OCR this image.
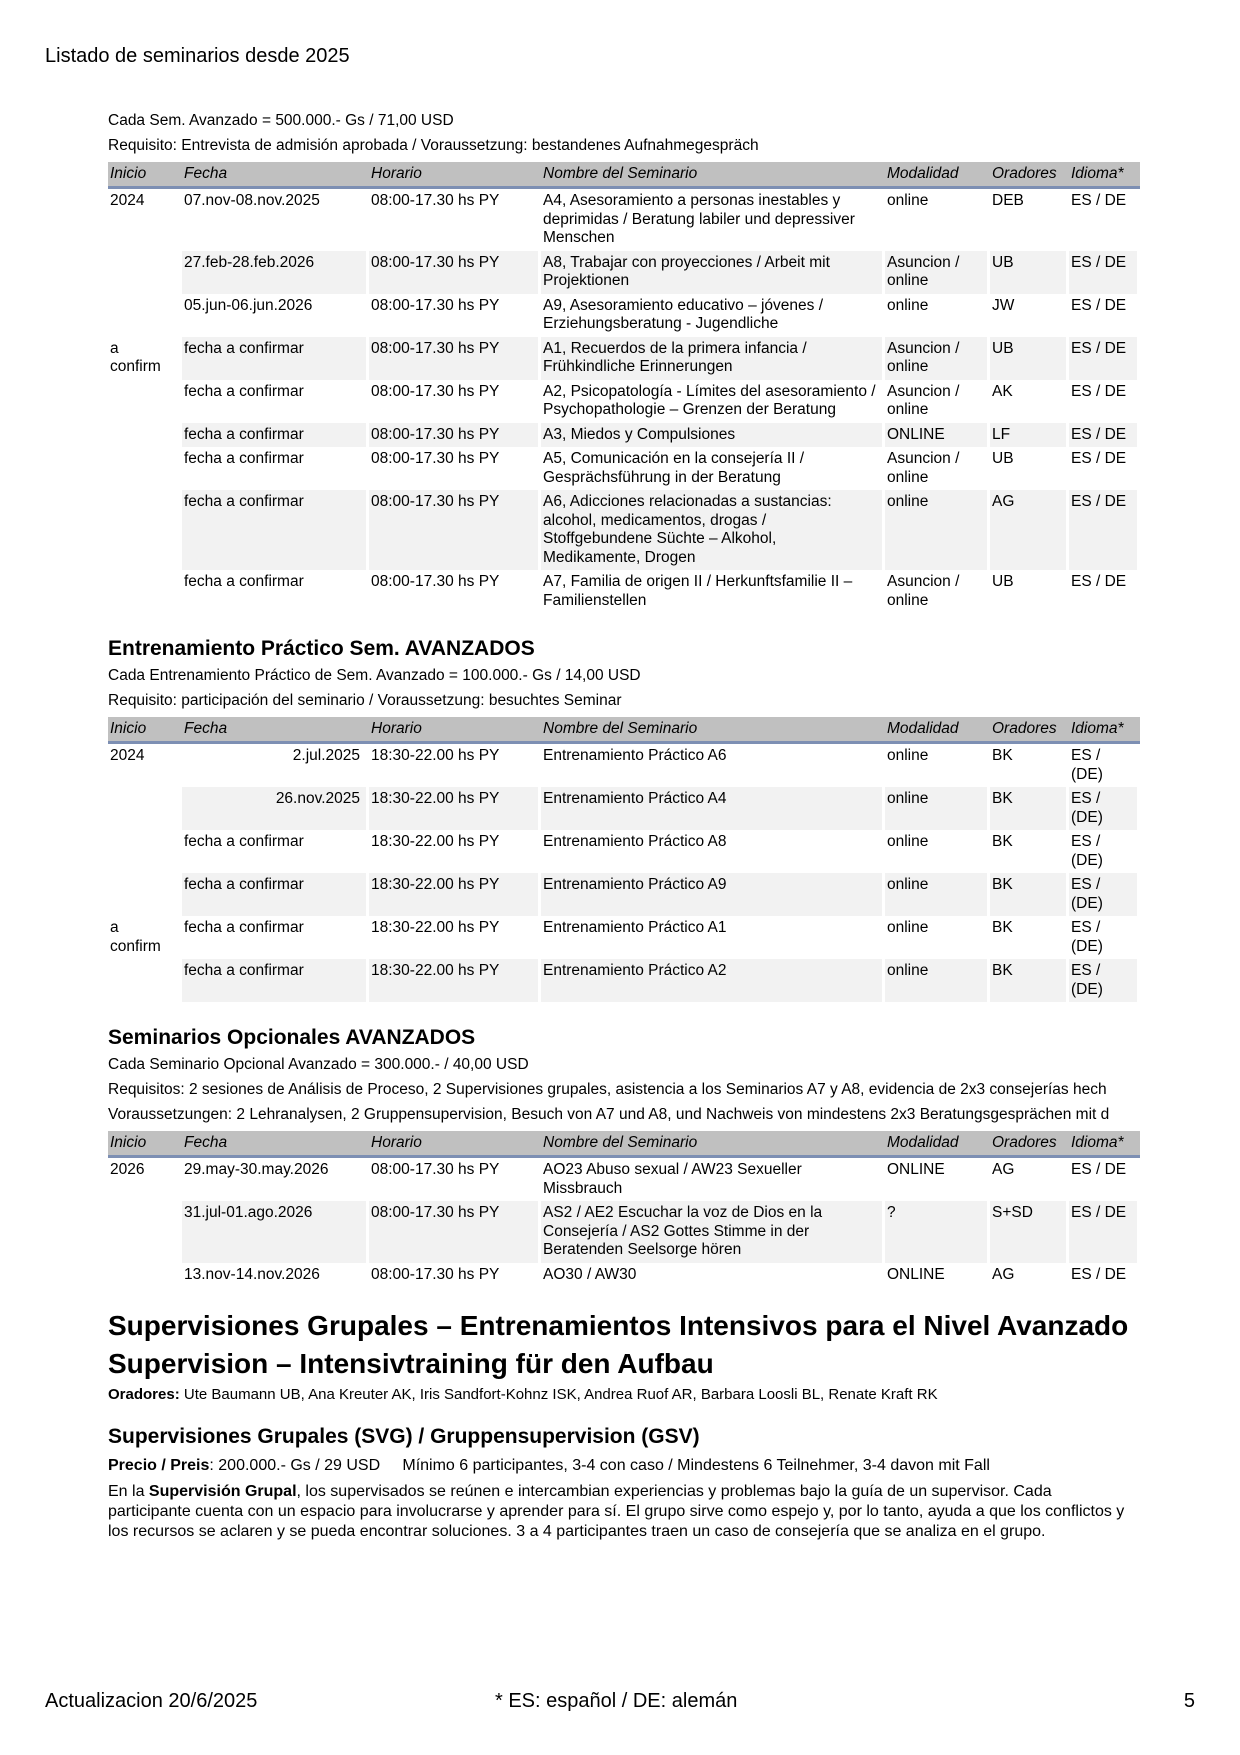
Listado de seminarios desde 2025
Cada Sem. Avanzado = 500.000.- Gs / 71,00 USD
Requisito: Entrevista de admisión aprobada / Voraussetzung: bestandenes Aufnahmegespräch
Inicio	Fecha	Horario	Nombre del Seminario	Modalidad	Oradores	Idioma*
2024	07.nov-08.nov.2025	08:00-17.30 hs PY	A4, Asesoramiento a personas inestables y deprimidas / Beratung labiler und depressiver Menschen	online	DEB	ES / DE
	27.feb-28.feb.2026	08:00-17.30 hs PY	A8, Trabajar con proyecciones / Arbeit mit Projektionen	Asuncion / online	UB	ES / DE
	05.jun-06.jun.2026	08:00-17.30 hs PY	A9, Asesoramiento educativo – jóvenes / Erziehungsberatung - Jugendliche	online	JW	ES / DE
a confirm	fecha a confirmar	08:00-17.30 hs PY	A1, Recuerdos de la primera infancia / Frühkindliche Erinnerungen	Asuncion / online	UB	ES / DE
	fecha a confirmar	08:00-17.30 hs PY	A2, Psicopatología - Límites del asesoramiento / Psychopathologie – Grenzen der Beratung	Asuncion / online	AK	ES / DE
	fecha a confirmar	08:00-17.30 hs PY	A3, Miedos y Compulsiones	ONLINE	LF	ES / DE
	fecha a confirmar	08:00-17.30 hs PY	A5, Comunicación en la consejería II / Gesprächsführung in der Beratung	Asuncion / online	UB	ES / DE
	fecha a confirmar	08:00-17.30 hs PY	A6, Adicciones relacionadas a sustancias: alcohol, medicamentos, drogas / Stoffgebundene Süchte – Alkohol, Medikamente, Drogen	online	AG	ES / DE
	fecha a confirmar	08:00-17.30 hs PY	A7, Familia de origen II / Herkunftsfamilie II – Familienstellen	Asuncion / online	UB	ES / DE
Entrenamiento Práctico Sem. AVANZADOS
Cada Entrenamiento Práctico de Sem. Avanzado = 100.000.- Gs / 14,00 USD
Requisito: participación del seminario / Voraussetzung: besuchtes Seminar
Inicio	Fecha	Horario	Nombre del Seminario	Modalidad	Oradores	Idioma*
2024	2.jul.2025	18:30-22.00 hs PY	Entrenamiento Práctico A6	online	BK	ES / (DE)
	26.nov.2025	18:30-22.00 hs PY	Entrenamiento Práctico A4	online	BK	ES / (DE)
	fecha a confirmar	18:30-22.00 hs PY	Entrenamiento Práctico A8	online	BK	ES / (DE)
	fecha a confirmar	18:30-22.00 hs PY	Entrenamiento Práctico A9	online	BK	ES / (DE)
a confirm	fecha a confirmar	18:30-22.00 hs PY	Entrenamiento Práctico A1	online	BK	ES / (DE)
	fecha a confirmar	18:30-22.00 hs PY	Entrenamiento Práctico A2	online	BK	ES / (DE)
Seminarios Opcionales AVANZADOS
Cada Seminario Opcional Avanzado = 300.000.- / 40,00 USD
Requisitos: 2 sesiones de Análisis de Proceso, 2 Supervisiones grupales, asistencia a los Seminarios A7 y A8, evidencia de 2x3 consejerías hech
Voraussetzungen: 2 Lehranalysen, 2 Gruppensupervision, Besuch von A7 und A8, und Nachweis von mindestens 2x3 Beratungsgesprächen mit d
Inicio	Fecha	Horario	Nombre del Seminario	Modalidad	Oradores	Idioma*
2026	29.may-30.may.2026	08:00-17.30 hs PY	AO23 Abuso sexual / AW23 Sexueller Missbrauch	ONLINE	AG	ES / DE
	31.jul-01.ago.2026	08:00-17.30 hs PY	AS2 / AE2 Escuchar la voz de Dios en la Consejería / AS2 Gottes Stimme in der Beratenden Seelsorge hören	?	S+SD	ES / DE
	13.nov-14.nov.2026	08:00-17.30 hs PY	AO30 / AW30	ONLINE	AG	ES / DE
Supervisiones Grupales – Entrenamientos Intensivos para el Nivel Avanzado
Supervision – Intensivtraining für den Aufbau
Oradores: Ute Baumann UB, Ana Kreuter AK, Iris Sandfort-Kohnz ISK, Andrea Ruof AR, Barbara Loosli BL, Renate Kraft RK
Supervisiones Grupales (SVG) / Gruppensupervision (GSV)
Precio / Preis: 200.000.- Gs / 29 USD Mínimo 6 participantes, 3-4 con caso / Mindestens 6 Teilnehmer, 3-4 davon mit Fall
En la Supervisión Grupal, los supervisados se reúnen e intercambian experiencias y problemas bajo la guía de un supervisor. Cada participante cuenta con un espacio para involucrarse y aprender para sí. El grupo sirve como espejo y, por lo tanto, ayuda a que los conflictos y los recursos se aclaren y se pueda encontrar soluciones. 3 a 4 participantes traen un caso de consejería que se analiza en el grupo.
Actualizacion 20/6/2025	* ES: español / DE: alemán	5
